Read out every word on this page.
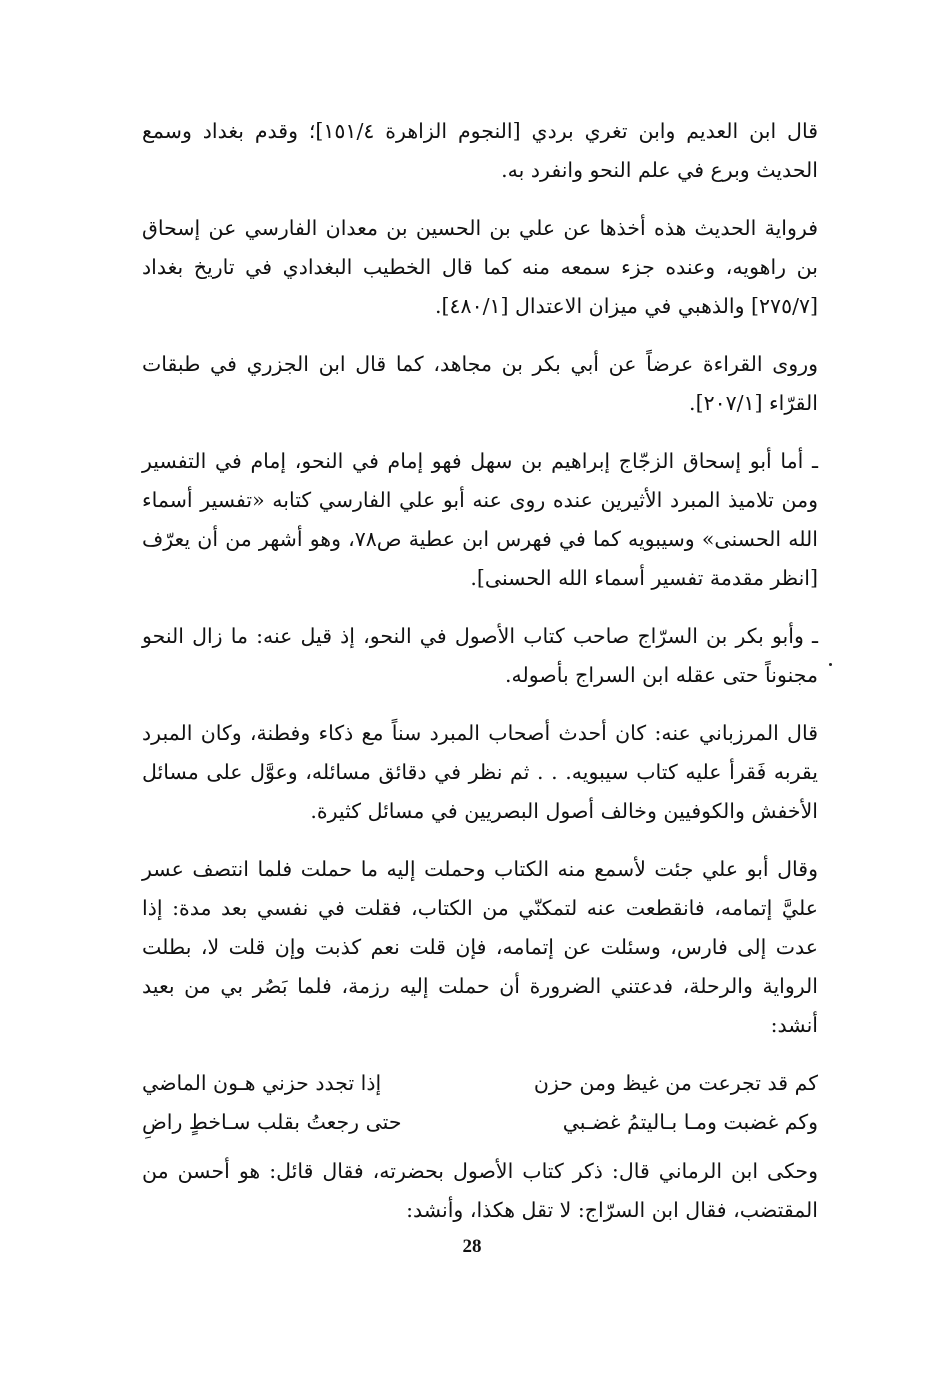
قال ابن العديم وابن تغري بردي [النجوم الزاهرة ١٥١/٤]؛ وقدم بغداد وسمع الحديث وبرع في علم النحو وانفرد به.

فرواية الحديث هذه أخذها عن علي بن الحسين بن معدان الفارسي عن إسحاق بن راهويه، وعنده جزء سمعه منه كما قال الخطيب البغدادي في تاريخ بغداد [٢٧٥/٧] والذهبي في ميزان الاعتدال [٤٨٠/١].

وروى القراءة عرضاً عن أبي بكر بن مجاهد، كما قال ابن الجزري في طبقات القرّاء [٢٠٧/١].

ـ أما أبو إسحاق الزجّاج إبراهيم بن سهل فهو إمام في النحو، إمام في التفسير ومن تلاميذ المبرد الأثيرين عنده روى عنه أبو علي الفارسي كتابه «تفسير أسماء الله الحسنى» وسيبويه كما في فهرس ابن عطية ص٧٨، وهو أشهر من أن يعرّف [انظر مقدمة تفسير أسماء الله الحسنى].

ـ وأبو بكر بن السرّاج صاحب كتاب الأصول في النحو، إذ قيل عنه: ما زال النحو مجنوناً حتى عقله ابن السراج بأصوله.

قال المرزباني عنه: كان أحدث أصحاب المبرد سناً مع ذكاء وفطنة، وكان المبرد يقربه فَقرأ عليه كتاب سيبويه. . . ثم نظر في دقائق مسائله، وعوَّل على مسائل الأخفش والكوفيين وخالف أصول البصريين في مسائل كثيرة.

وقال أبو علي جئت لأسمع منه الكتاب وحملت إليه ما حملت فلما انتصف عسر عليَّ إتمامه، فانقطعت عنه لتمكنّي من الكتاب، فقلت في نفسي بعد مدة: إذا عدت إلى فارس، وسئلت عن إتمامه، فإن قلت نعم كذبت وإن قلت لا، بطلت الرواية والرحلة، فدعتني الضرورة أن حملت إليه رزمة، فلما بَصُر بي من بعيد أنشد:

كم قد تجرعت من غيظ ومن حزن
إذا تجدد حزني هـون الماضي
وكم غضبت ومـا بـاليتمُ غضـبي
حتى رجعتُ بقلب سـاخطٍ راضِ

وحكى ابن الرماني قال: ذكر كتاب الأصول بحضرته، فقال قائل: هو أحسن من المقتضب، فقال ابن السرّاج: لا تقل هكذا، وأنشد:

28
